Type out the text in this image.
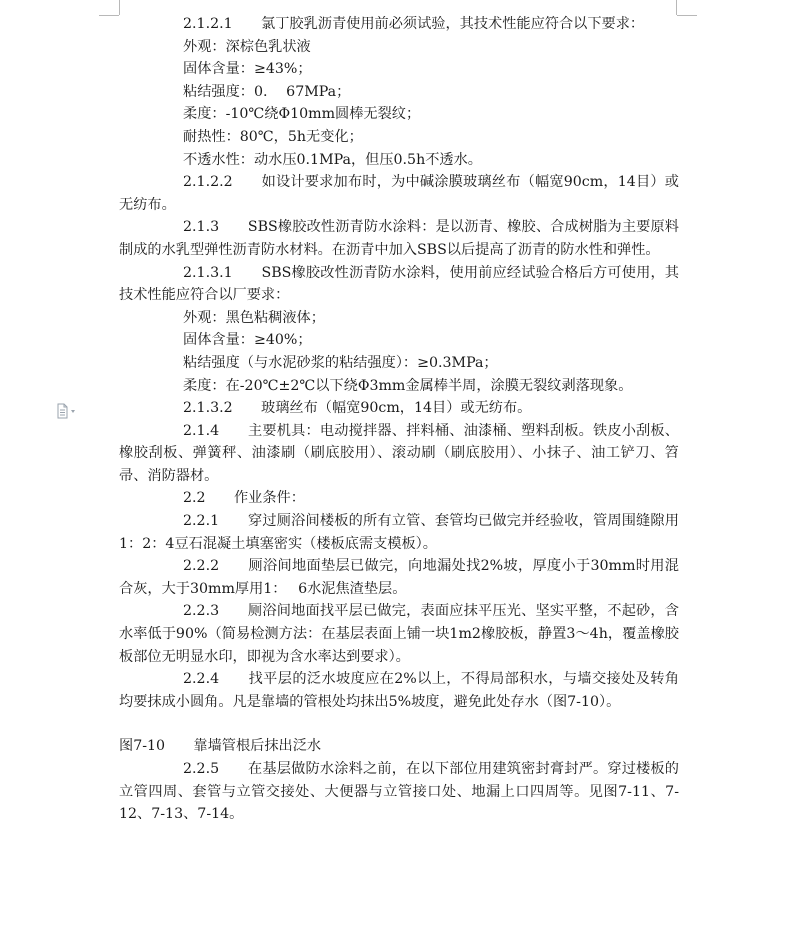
2.1.2.1　　氯丁胶乳沥青使用前必须试验，其技术性能应符合以下要求：

外观：深棕色乳状液

固体含量：≥43%；

粘结强度：0.　 67MPa；

柔度：-10℃绕Φ10mm圆棒无裂纹；

耐热性：80℃，5h无变化；

不透水性：动水压0.1MPa，但压0.5h不透水。

2.1.2.2　　如设计要求加布时，为中碱涂膜玻璃丝布（幅宽90cm，14目）或无纺布。

2.1.3　　SBS橡胶改性沥青防水涂料：是以沥青、橡胶、合成树脂为主要原料制成的水乳型弹性沥青防水材料。在沥青中加入SBS以后提高了沥青的防水性和弹性。

2.1.3.1　　SBS橡胶改性沥青防水涂料，使用前应经试验合格后方可使用，其技术性能应符合以厂要求：

外观：黑色粘稠液体；

固体含量：≥40%；

粘结强度（与水泥砂浆的粘结强度）：≥0.3MPa；

柔度：在-20℃±2℃以下绕Φ3mm金属棒半周，涂膜无裂纹剥落现象。

2.1.3.2　　玻璃丝布（幅宽90cm，14目）或无纺布。

2.1.4　　主要机具：电动搅拌器、拌料桶、油漆桶、塑料刮板。铁皮小刮板、橡胶刮板、弹簧秤、油漆刷（刷底胶用）、滚动刷（刷底胶用）、小抹子、油工铲刀、笤帚、消防器材。

2.2　　作业条件：

2.2.1　　穿过厕浴间楼板的所有立管、套管均已做完并经验收，管周围缝隙用1：2：4豆石混凝土填塞密实（楼板底需支模板）。

2.2.2　　厕浴间地面垫层已做完，向地漏处找2%坡，厚度小于30mm时用混合灰，大于30mm厚用1：　 6水泥焦渣垫层。

2.2.3　　厕浴间地面找平层已做完，表面应抹平压光、坚实平整，不起砂，含水率低于90%（简易检测方法：在基层表面上铺一块1m2橡胶板，静置3～4h，覆盖橡胶板部位无明显水印，即视为含水率达到要求）。

2.2.4　　找平层的泛水坡度应在2%以上，不得局部积水，与墙交接处及转角均要抹成小圆角。凡是靠墙的管根处均抹出5%坡度，避免此处存水（图7-10）。

图7-10　　靠墙管根后抹出泛水

2.2.5　　在基层做防水涂料之前，在以下部位用建筑密封膏封严。穿过楼板的立管四周、套管与立管交接处、大便器与立管接口处、地漏上口四周等。见图7-11、7-12、7-13、7-14。
